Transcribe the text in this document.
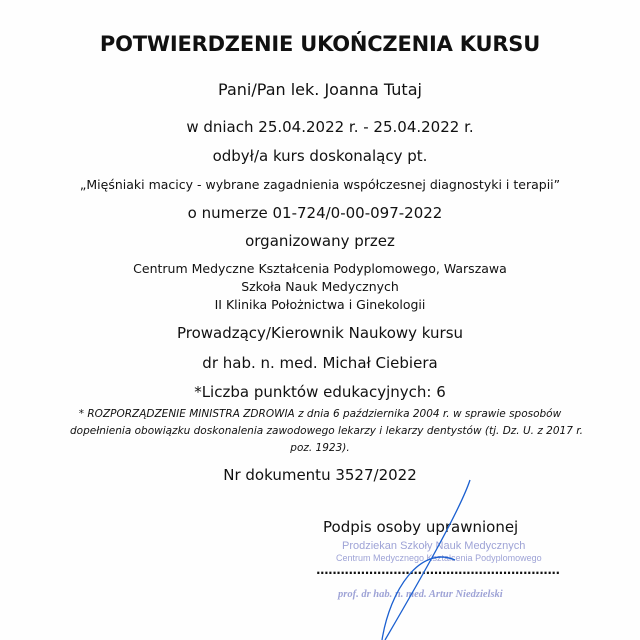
POTWIERDZENIE UKOŃCZENIA KURSU
Pani/Pan lek. Joanna Tutaj
w dniach 25.04.2022 r. - 25.04.2022 r.
odbył/a kurs doskonalący pt.
„Mięśniaki macicy - wybrane zagadnienia współczesnej diagnostyki i terapii”
o numerze 01-724/0-00-097-2022
organizowany przez
Centrum Medyczne Kształcenia Podyplomowego, Warszawa
Szkoła Nauk Medycznych
II Klinika Położnictwa i Ginekologii
Prowadzący/Kierownik Naukowy kursu
dr hab. n. med. Michał Ciebiera
*Liczba punktów edukacyjnych: 6
* ROZPORZĄDZENIE MINISTRA ZDROWIA z dnia 6 października 2004 r. w sprawie sposobów
dopełnienia obowiązku doskonalenia zawodowego lekarzy i lekarzy dentystów (tj. Dz. U. z 2017 r.
poz. 1923).
Nr dokumentu 3527/2022
Podpis osoby uprawnionej
Prodziekan Szkoły Nauk Medycznych
Centrum Medycznego Kształcenia Podyplomowego
............................................................
prof. dr hab. n. med. Artur Niedzielski
